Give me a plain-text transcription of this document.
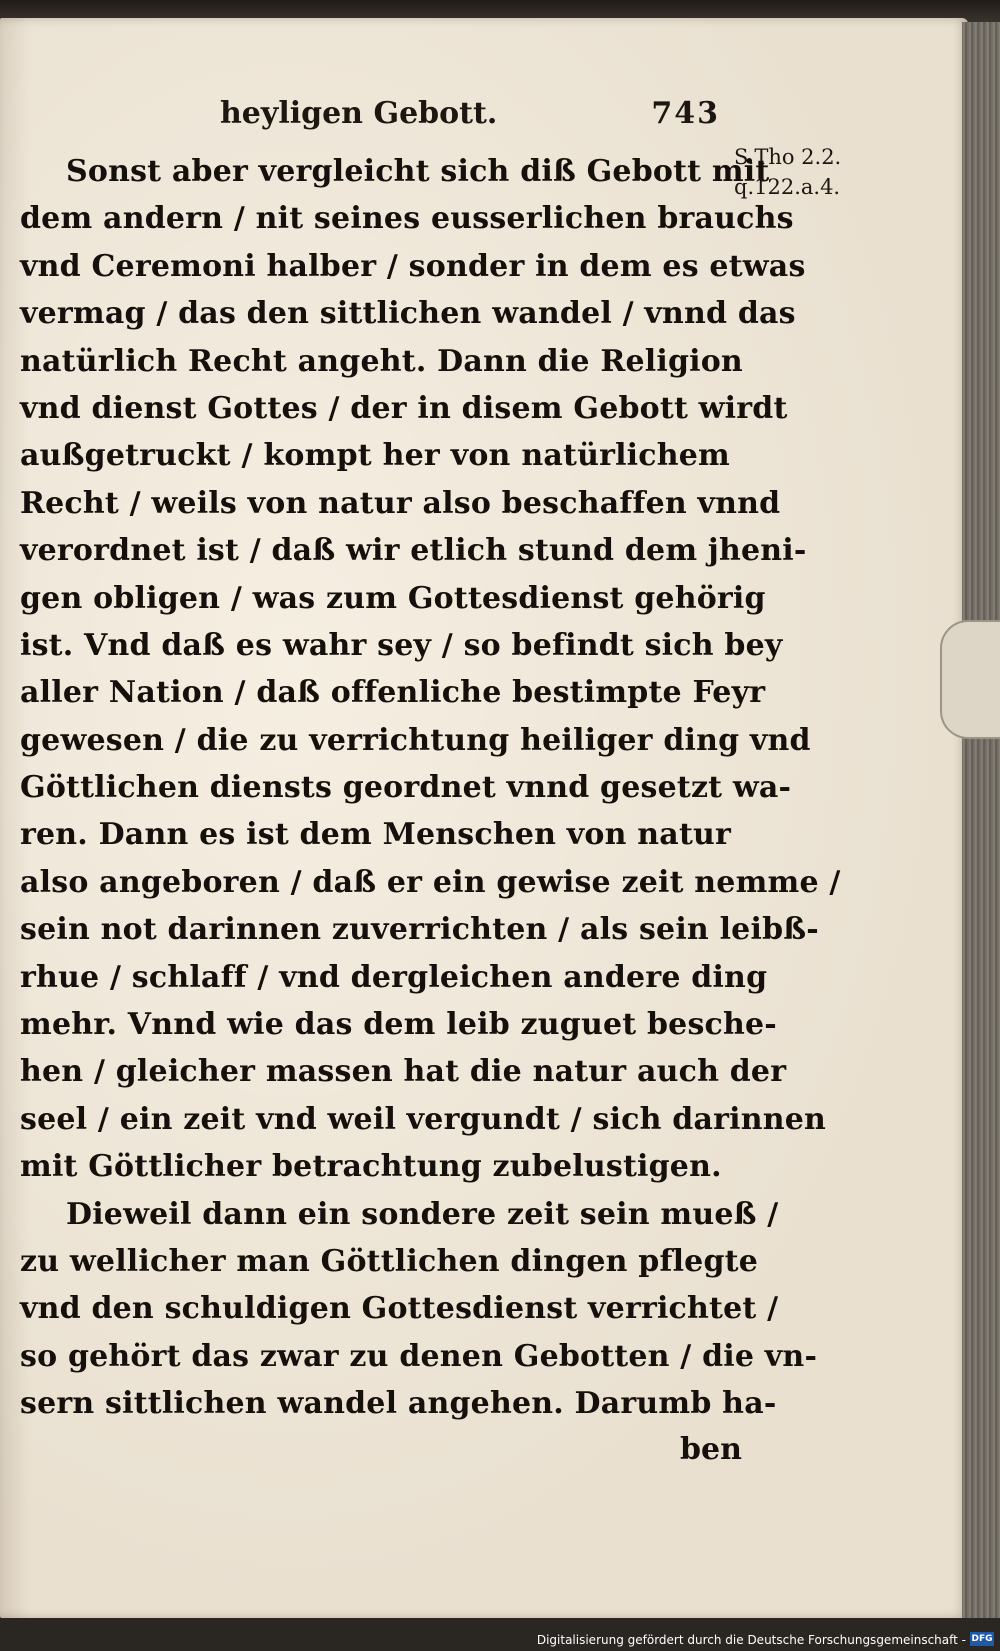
heyligen Gebott.	743
S.Tho 2.2.
q.122.a.4.
Sonst aber vergleicht sich diß Gebott mit
dem andern / nit seines eusserlichen brauchs
vnd Ceremoni halber / sonder in dem es etwas
vermag / das den sittlichen wandel / vnnd das
natürlich Recht angeht. Dann die Religion
vnd dienst Gottes / der in disem Gebott wirdt
außgetruckt / kompt her von natürlichem
Recht / weils von natur also beschaffen vnnd
verordnet ist / daß wir etlich stund dem jheni-
gen obligen / was zum Gottesdienst gehörig
ist. Vnd daß es wahr sey / so befindt sich bey
aller Nation / daß offenliche bestimpte Feyr
gewesen / die zu verrichtung heiliger ding vnd
Göttlichen diensts geordnet vnnd gesetzt wa-
ren. Dann es ist dem Menschen von natur
also angeboren / daß er ein gewise zeit nemme /
sein not darinnen zuverrichten / als sein leibß-
rhue / schlaff / vnd dergleichen andere ding
mehr. Vnnd wie das dem leib zuguet besche-
hen / gleicher massen hat die natur auch der
seel / ein zeit vnd weil vergundt / sich darinnen
mit Göttlicher betrachtung zubelustigen.
Dieweil dann ein sondere zeit sein mueß /
zu wellicher man Göttlichen dingen pflegte
vnd den schuldigen Gottesdienst verrichtet /
so gehört das zwar zu denen Gebotten / die vn-
sern sittlichen wandel angehen. Darumb ha-
ben
Digitalisierung gefördert durch die Deutsche Forschungsgemeinschaft - DFG
